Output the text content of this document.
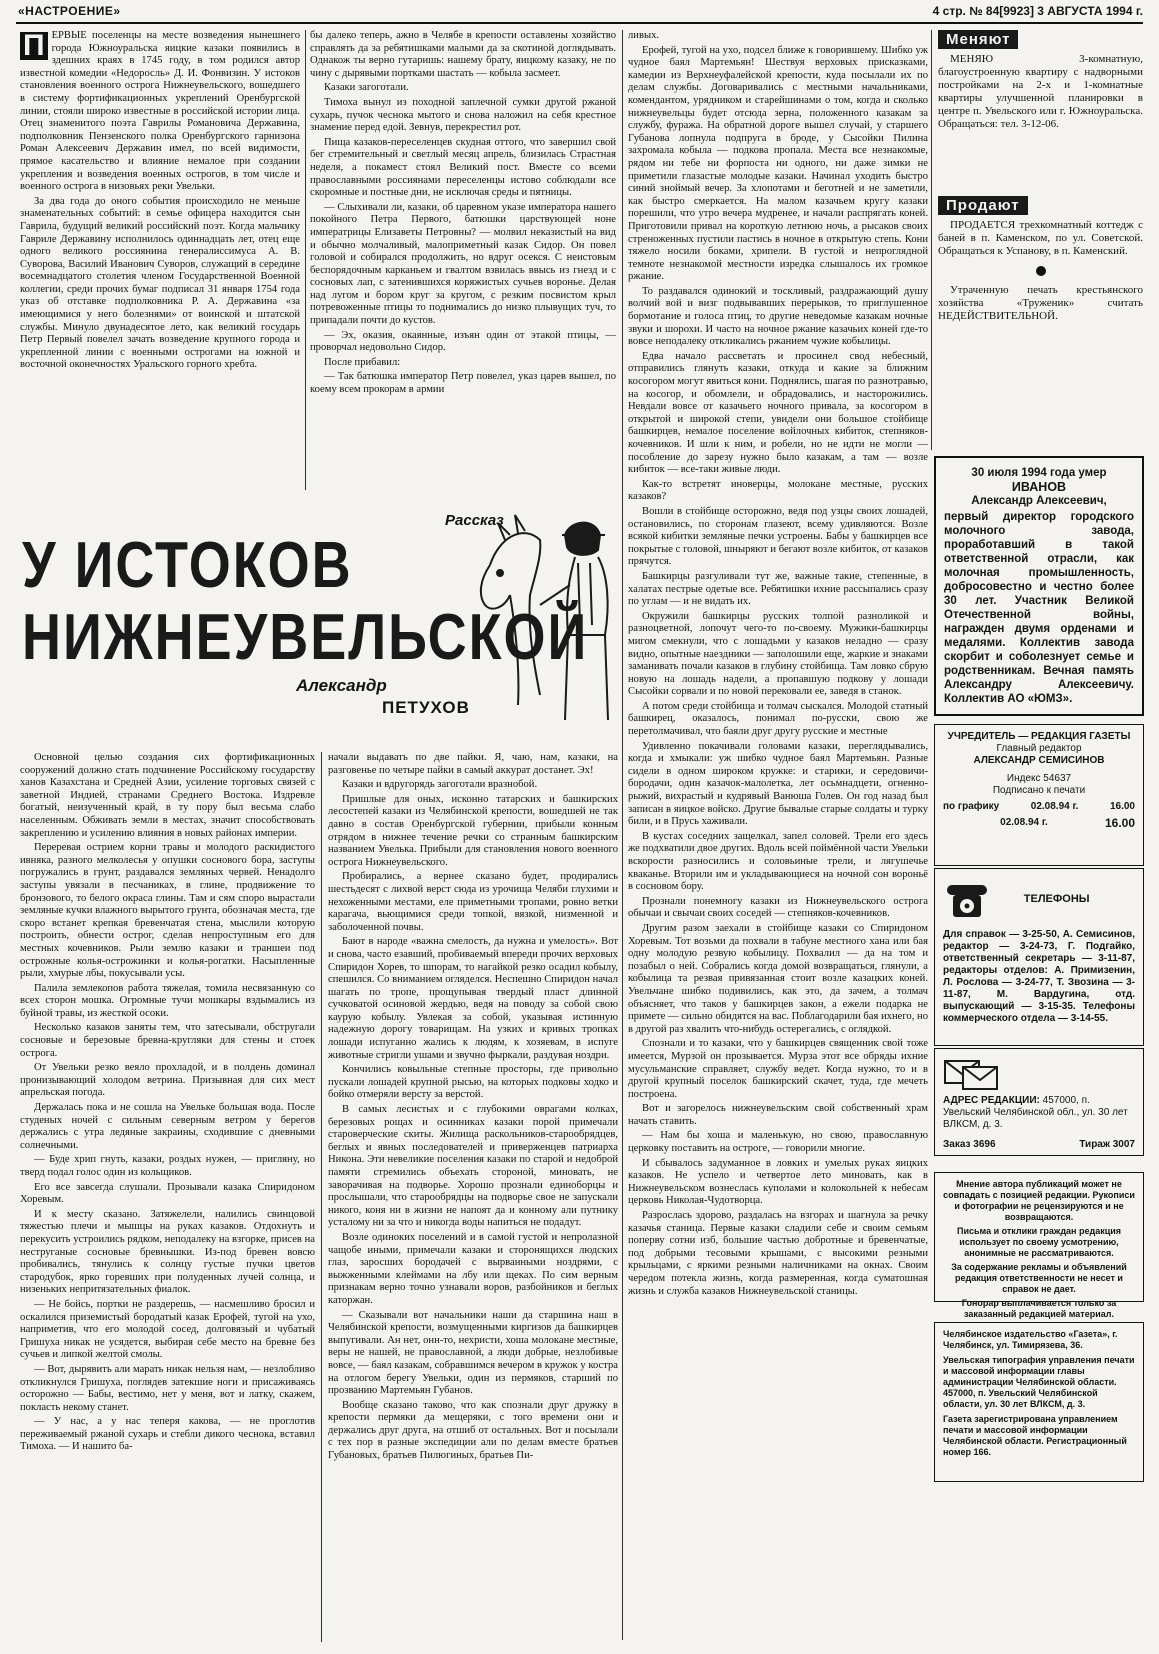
«НАСТРОЕНИЕ»	4 стр. № 84[9923] 3 АВГУСТА 1994 г.

П ЕРВЫЕ поселенцы на месте возведения нынешнего города Южноуральска яицкие казаки появились в здешних краях в 1745 году, в том родился автор известной комедии «Недоросль» Д. И. Фонвизин. У истоков становления военного острога Нижнеувельского, вошедшего в систему фортификационных укреплений Оренбургской линии, стояли широко известные в российской истории лица. Отец знаменитого поэта Гаврилы Романовича Державина, подполковник Пензенского полка Оренбургского гарнизона Роман Алексеевич Державин имел, по всей видимости, прямое касательство и влияние немалое при создании укрепления и возведения военных острогов, в том числе и военного острога в низовьях реки Увельки.

За два года до оного события происходило не меньше знаменательных событий: в семье офицера находится сын Гаврила, будущий великий российский поэт. Когда мальчику Гавриле Державину исполнилось одиннадцать лет, отец еще одного великого россиянина генералиссимуса А. В. Суворова, Василий Иванович Суворов, служащий в середине восемнадцатого столетия членом Государственной Военной коллегии, среди прочих бумаг подписал 31 января 1754 года указ об отставке подполковника Р. А. Державина «за имеющимися у него болезнями» от воинской и штатской службы. Минуло двунадесятое лето, как великий государь Петр Первый повелел зачать возведение крупного города и укрепленной линии с военными острогами на южной и восточной оконечностях Уральского горного хребта.

бы далеко теперь, ажно в Челябе в крепости оставлены хозяйство справлять да за ребятишками малыми да за скотиной доглядывать. Однакож ты верно гутаришь: нашему брату, яицкому казаку, не по чину с дырявыми портками шастать — кобыла засмеет.

Казаки загоготали.

Тимоха вынул из походной заплечной сумки другой ржаной сухарь, пучок чеснока мытого и снова наложил на себя крестное знамение перед едой. Зевнув, перекрестил рот.

Пища казаков-переселенцев скудная оттого, что завершил свой бег стремительный и светлый месяц апрель, близилась Страстная неделя, а покамест стоял Великий пост. Вместе со всеми православными россиянами переселенцы истово соблюдали все скоромные и постные дни, не исключая среды и пятницы.

— Слыхивали ли, казаки, об царевном указе императора нашего покойного Петра Первого, батюшки царствующей ноне императрицы Елизаветы Петровны? — молвил неказистый на вид и обычно молчаливый, малоприметный казак Сидор. Он повел головой и собирался продолжить, но вдруг осекся. С неистовым беспорядочным карканьем и гвалтом взвилась ввысь из гнезд и с сосновых лап, с затенившихся коряжистых сучьев воронье. Делая над лугом и бором круг за кругом, с резким посвистом крыл потревоженные птицы то поднимались до низко плывущих туч, то припадали почти до кустов.

— Эх, оказия, окаянные, изъян один от этакой птицы, — проворчал недовольно Сидор.

После прибавил:

— Так батюшка император Петр повелел, указ царев вышел, по коему всем прокорам в армии

Рассказ
У ИСТОКОВ
НИЖНЕУВЕЛЬСКОЙ
Александр
ПЕТУХОВ

ливых.

Ерофей, тугой на ухо, подсел ближе к говорившему. Шибко уж чудное баял Мартемьян! Шествуя верховых присказками, камедии из Верхнеуфалейской крепости, куда посылали их по делам службы. Договаривались с местными начальниками, комендантом, урядником и старейшинами о том, когда и сколько нижнеувельцы будет отсюда зерна, положенного казакам за службу, фуража. На обратной дороге вышел случай, у старшего Губанова лопнула подпруга в броде, у Сысойки Пилина захромала кобыла — подкова пропала. Места все незнакомые, рядом ни тебе ни форпоста ни одного, ни даже зимки не приметили глазастые молодые казаки. Начинал уходить быстро синий зноймый вечер. За хлопотами и беготней и не заметили, как быстро смеркается. На малом казачьем кругу казаки порешили, что утро вечера мудренее, и начали распрягать коней. Приготовили привал на короткую летнюю ночь, а рысаков своих стреноженных пустили пастись в ночное в открытую степь. Кони тяжело носили боками, хрипели. В густой и непроглядной темноте незнакомой местности изредка слышалось их громкое ржание.

То раздавался одинокий и тоскливый, раздражающий душу волчий вой и визг подвывавших перерыков, то приглушенное бормотание и голоса птиц, то другие неведомые казакам ночные звуки и шорохи. И часто на ночное ржание казачьих коней где-то вовсе неподалеку откликались ржанием чужие кобылицы.

Едва начало рассветать и просинел свод небесный, отправились глянуть казаки, откуда и какие за ближним косогором могут явиться кони. Поднялись, шагая по разнотравью, на косогор, и обомлели, и обрадовались, и насторожились. Невдали вовсе от казачьего ночного привала, за косогором в открытой и широкой степи, увидели они большое стойбище башкирцев, немалое поселение войлочных кибиток, степняков-кочевников. И шли к ним, и робели, но не идти не могли — пособление до зарезу нужно было казакам, а там — возле кибиток — все-таки живые люди.

Как-то встретят иноверцы, молоканe местные, русских казаков?

Вошли в стойбище осторожно, ведя под узцы своих лошадей, остановились, по сторонам глазеют, всему удивляются. Возле всякой кибитки земляные печки устроены. Бабы у башкирцев все покрытые с головой, шныряют и бегают возле кибиток, от казаков прячутся.

Башкирцы разгуливали тут же, важные такие, степенные, в халатах пестрые одетые все. Ребятишки ихние рассыпались сразу по углам — и не видать их.

Окружили башкирцы русских толпой разноликой и разноцветной, лопочут чего-то по-своему. Мужики-башкирцы мигом смекнули, что с лошадьми у казаков неладно — сразу видно, опытные наездники — заполошили еще, жаркие и знаками заманивать почали казаков в глубину стойбища. Там ловко сбрую новую на лошадь надели, а пропавшую подкову у лошади Сысойки сорвали и по новой перековали ее, заведя в станок.

А потом среди стойбища и толмач сыскался. Молодой статный башкирец, оказалось, понимал по-русски, свою же перетолмачивал, что баяли друг другу русские и местные

Удивленно покачивали головами казаки, переглядывались, когда и хмыкали: уж шибко чудное баял Мартемьян. Разные сидели в одном широком кружке: и старики, и середовичи-бородачи, один казачок-малолетка, лет осьмнадцети, огненно-рыжий, вихрастый и кудрявый Ванюша Голев. Он год назад был записан в яицкое войско. Другие бывалые старые солдаты и турку били, и в Прусь хаживали.

В кустах соседних защелкал, запел соловей. Трели его здесь же подхватили двое других. Вдоль всей поймённой части Увельки вскорости разносились и соловьиные трели, и лягушечье кваканье. Вторили им и укладывающиеся на ночной сон вороньё в сосновом бору.

Прознали понемногу казаки из Нижнеувельского острога обычаи и свычаи своих соседей — степняков-кочевников.

Другим разом заехали в стойбище казаки со Спиридоном Хоревым. Тот возьми да похвали в табуне местного хана или бая одну молодую резвую кобылицу. Похвалил — да на том и позабыл о ней. Собрались когда домой возвращаться, глянули, а кобылица та резвая привязанная стоит возле казацких коней. Увельчане шибко подивились, как это, да зачем, а толмач объясняет, что таков у башкирцев закон, а ежели подарка не примете — сильно обидятся на вас. Поблагодарили бая ихнего, но в другой раз хвалить что-нибудь остерегались, с оглядкой.

Спознали и то казаки, что у башкирцев священник свой тоже имеется, Мурзой он прозывается. Мурза этот все обряды ихние мусульманские справляет, службу ведет. Когда нужно, то и в другой крупный поселок башкирский скачет, туда, где мечеть построена.

Вот и загорелось нижнеувельским свой собственный храм начать ставить.

— Нам бы хоша и маленькую, но свою, православную церковку поставить на остроге, — говорили многие.

И сбывалось задуманное в ловких и умелых руках яицких казаков. Не успело и четвертое лето миновать, как в Нижнеувельском вознеслась куполами и колокольней к небесам церковь Николая-Чудотворца.

Разрослась здорово, раздалась на взгорах и шагнула за речку казачья станица. Первые казаки сладили себе и своим семьям поперву сотни изб, большие частью добротные и бревенчатые, под добрыми тесовыми крышами, с высокими резными крыльцами, с яркими резными наличниками на окнах. Своим чередом потекла жизнь, когда размеренная, когда суматошная жизнь и служба казаков Нижнеувельской станицы.

Основной целью создания сих фортификационных сооружений должно стать подчинение Российскому государству ханов Казахстана и Средней Азии, усиление торговых связей с заветной Индией, странами Среднего Востока. Издревле богатый, неизученный край, в ту пору был весьма слабо населенным. Обживать земли в местах, значит способствовать закреплению и усилению влияния в новых районах империи.

Переревая острием корни травы и молодого раскидистого ивняка, разного мелколесья у опушки соснового бора, заступы погружались в грунт, раздавался земляных червей. Ненадолго заступы увязали в песчаниках, в глине, продвижение то бронзового, то белого окраса глины. Там и сям споро вырастали земляные кучки влажного вырытого грунта, обозначая места, где скоро встанет крепкая бревенчатая стена, мыслили которую построить, обнести острог, сделав непроступным его для местных кочевников. Рыли землю казаки и траншеи под острожные колья-острожинки и колья-рогатки. Насыпленные рыли, хмурые лбы, покусывали усы.

Палила землекопов работа тяжелая, томила несвязанную со всех сторон мошка. Огромные тучи мошкары вздымались из буйной травы, из жесткой осоки.

Несколько казаков заняты тем, что затесывали, обстругали сосновые и березовые бревна-кругляки для стены и стоек острога.

От Увельки резко веяло прохладой, и в полдень доминал пронизывающий холодом ветрина. Призывная для сих мест апрельская погода.

Держалась пока и не сошла на Увельке большая вода. После студеных ночей с сильным северным ветром у берегов держались с утра ледяные закраины, сходившие с дневными солнечными.

— Буде хрип гнуть, казаки, роздых нужен, — пригляну, но тверд подал голос один из кольщиков.

Его все завсегда слушали. Прозывали казака Спиридоном Хоревым.

И к месту сказано. Затяжелели, налились свинцовой тяжестью плечи и мышцы на руках казаков. Отдохнуть и перекусить устроились рядком, неподалеку на взгорке, присев на неструганые сосновые бревнышки. Из-под бревен вовсю пробивались, тянулись к солнцу густые пучки цветов стародубок, ярко горевших при полуденных лучей солнца, и низеньких непритязательных фиалок.

— Не бойсь, портки не раздерешь, — насмешливо бросил и оскалился приземистый бородатый казак Ерофей, тугой на ухо, наприметив, что его молодой сосед, долговязый и чубатый Гришуха никак не усядется, выбирая себе место на бревне без сучьев и липкой желтой смолы.

— Вот, дырявить али марать никак нельзя нам, — незлобливо откликнулся Гришуха, поглядев затекшие ноги и присаживаясь осторожно — Бабы, вестимо, нет у меня, вот и латку, скажем, поклaсть некому станет.

— У нас, а у нас теперя какова, — не проглотив переживаемый ржаной сухарь и стебли дикого чеснока, вставил Тимоха. — И нашито ба-

начали выдавать по две пайки. Я, чаю, нам, казаки, на разговенье по четыре пайки в самый аккурат достанет. Эх!

Казаки и вдругорядь загоготали вразнобой.

Пришлые для оных, исконно татарских и башкирских лесостепей казаки из Челябинской крепости, вошедшей не так давно в состав Оренбургской губернии, прибыли конным отрядом в нижнее течение речки со странным башкирским названием Увелька. Прибыли для становления нового военного острога Нижнеувельского.

Пробирались, а вернее сказано будет, продирались шестьдесят с лихвой верст сюда из урочища Челяби глухими и нехоженными местами, еле приметными тропами, ровно ветки карагача, вьющимися среди топкой, вязкой, низменной и заболоченной почвы.

Бают в народе «важна смелость, да нужна и умелость». Вот и снова, часто езавший, пробиваемый впереди прочих верховых Спиридон Хорев, то шпорам, то нагайкой резко осадил кобылу, спешился. Со вниманием огляделся. Неспешно Спиридон начал шагать по тропе, прощупывая твердый пласт длинной сучковатой осиновой жердью, ведя на поводу за собой свою каурую кобылу. Увлекая за собой, указывая истинную надежную дорогу товарищам. На узких и кривых тропках лошади испуганно жались к людям, к хозяевам, в испуге животные стригли ушами и звучно фыркали, раздувая ноздри.

Кончились ковыльные степные просторы, где привольно пускали лошадей крупной рысью, на которых подковы ходко и бойко отмеряли версту за верстой.

В самых лесистых и с глубокими оврагами колках, березовых рощах и осинниках казаки порой примечали староверческие скиты. Жилища раскольников-старообрядцев, беглых и явных последователей и приверженцев патриарха Никона. Эти невеликие поселения казаки по старой и недоброй памяти стремились объехать стороной, миновать, не заворачивая на подворье. Хорошо прознали единоборцы и прослышали, что старообрядцы на подворье свое не запускали никого, коня ни в жизни не напоят да и конному али путнику усталому ни за что и никогда воды напиться не подадут.

Возле одиноких поселений и в самой густой и непролазной чащобе иными, примечали казаки и сторонящихся людских глаз, заросших бородачей с вырванными ноздрями, с выжженными клеймами на лбу или щеках. По сим верным признакам верно точно узнавали воров, разбойников и беглых каторжан.

— Сказывали вот начальники наши да старшина наш в Челябинской крепости, возмущенными киргизов да башкирцев выпугивали. Ан нет, онн-то, нехристи, хоша молокане местные, веры не нашей, не православной, а люди добрые, незлобивые вовсе, — баял казакам, собравшимся вечером в кружок у костра на отлогом берегу Увельки, один из пермяков, старший по прозванию Мартемьян Губанов.

Вообще сказано таково, что как спознали друг дружку в крепости пермяки да мещеряки, с того времени они и держались друг друга, на отшиб от остальных. Вот и посылали с тех пор в разные экспедиции али по делам вместе братьев Губановых, братьев Пилюгиных, братьев Пи-

Меняют

МЕНЯЮ 3-комнатную, благоустроенную квартиру с надворными постройками на 2-х и 1-комнатные квартиры улучшенной планировки в центре п. Увельского или г. Южноуральска. Обращаться: тел. 3-12-06.

Продают

ПРОДАЕТСЯ трехкомнатный коттедж с баней в п. Каменском, по ул. Советской. Обращаться к Успанову, в п. Каменский.

Утраченную печать крестьянского хозяйства «Труженик» считать НЕДЕЙСТВИТЕЛЬНОЙ.

30 июля 1994 года умер
ИВАНОВ
Александр Алексеевич,
первый директор городского молочного завода, проработавший в такой ответственной отрасли, как молочная промышленность, добросовестно и честно более 30 лет. Участник Великой Отечественной войны, награжден двумя орденами и медалями. Коллектив завода скорбит и соболезнует семье и родственникам. Вечная память Александру Алексеевичу. Коллектив АО «ЮМЗ».
УЧРЕДИТЕЛЬ — РЕДАКЦИЯ ГАЗЕТЫ
Главный редактор
АЛЕКСАНДР СЕМИСИНОВ
Индекс 54637
Подписано к печати
по графику	02.08.94 г.	16.00
02.08.94 г.	16.00
ТЕЛЕФОНЫ
Для справок — 3-25-50, А. Семисинов, редактор — 3-24-73, Г. Подгайко, ответственный секретарь — 3-11-87, редакторы отделов: А. Примизенин, Л. Рослова — 3-24-77, Т. Звозина — 3-11-87, М. Вардугина, отд. выпускающий — 3-15-35. Телефоны коммерческого отдела — 3-14-55.
АДРЕС РЕДАКЦИИ: 457000, п. Увельский Челябинской обл., ул. 30 лет ВЛКСМ, д. 3.
Заказ 3696	Тираж 3007

Мнение автора публикаций может не совпадать с позицией редакции. Рукописи и фотографии не рецензируются и не возвращаются.

Письма и отклики граждан редакция использует по своему усмотрению, анонимные не рассматриваются.

За содержание рекламы и объявлений редакция ответственности не несет и справок не дает.

Гонорар выплачивается только за заказанный редакцией материал.

Челябинское издательство «Газета», г. Челябинск, ул. Тимирязева, 36.

Увельская типография управления печати и массовой информации главы администрации Челябинской области. 457000, п. Увельский Челябинской области, ул. 30 лет ВЛКСМ, д. 3.

Газета зарегистрирована управлением печати и массовой информации Челябинской области. Регистрационный номер 166.
